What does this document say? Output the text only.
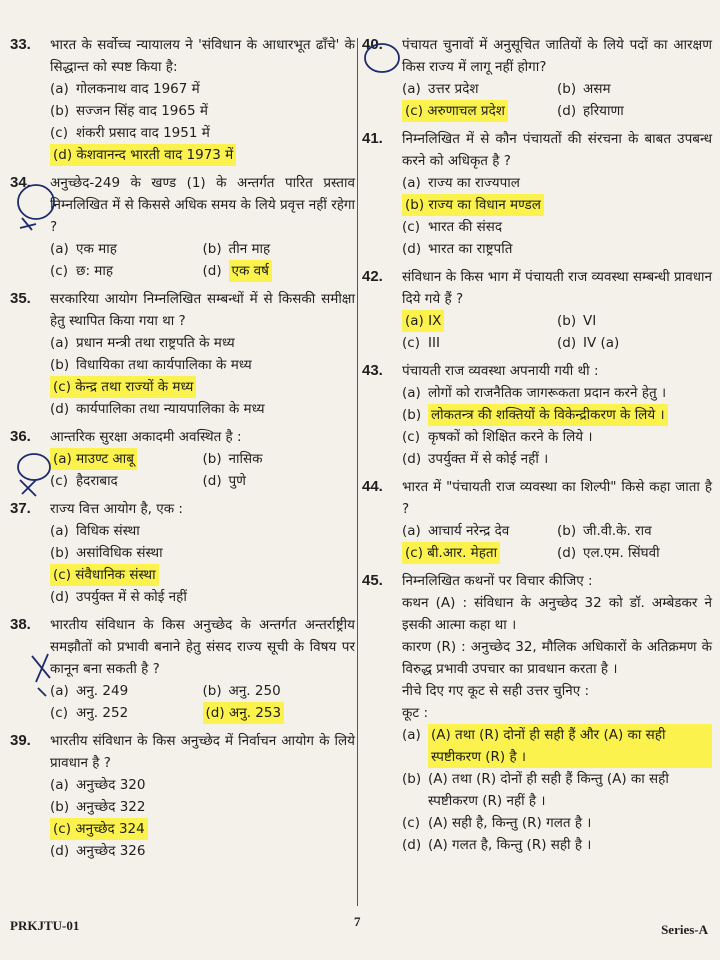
33.	भारत के सर्वोच्च न्यायालय ने 'संविधान के आधारभूत ढाँचे' के सिद्धान्त को स्पष्ट किया है:
(a) गोलकनाथ वाद 1967 में
(b) सज्जन सिंह वाद 1965 में
(c) शंकरी प्रसाद वाद 1951 में
(d) केशवानन्द भारती वाद 1973 में
34.	अनुच्छेद-249 के खण्ड (1) के अन्तर्गत पारित प्रस्ताव निम्नलिखित में से किससे अधिक समय के लिये प्रवृत्त नहीं रहेगा ?
(a) एक माह	(b) तीन माह
(c) छ: माह	(d) एक वर्ष
35.	सरकारिया आयोग निम्नलिखित सम्बन्धों में से किसकी समीक्षा हेतु स्थापित किया गया था ?
(a) प्रधान मन्त्री तथा राष्ट्रपति के मध्य
(b) विधायिका तथा कार्यपालिका के मध्य
(c) केन्द्र तथा राज्यों के मध्य
(d) कार्यपालिका तथा न्यायपालिका के मध्य
36.	आन्तरिक सुरक्षा अकादमी अवस्थित है :
(a) माउण्ट आबू	(b) नासिक
(c) हैदराबाद	(d) पुणे
37.	राज्य वित्त आयोग है, एक :
(a) विधिक संस्था
(b) असांविधिक संस्था
(c) संवैधानिक संस्था
(d) उपर्युक्त में से कोई नहीं
38.	भारतीय संविधान के किस अनुच्छेद के अन्तर्गत अन्तर्राष्ट्रीय समझौतों को प्रभावी बनाने हेतु संसद राज्य सूची के विषय पर कानून बना सकती है ?
(a) अनु. 249	(b) अनु. 250
(c) अनु. 252	(d) अनु. 253
39.	भारतीय संविधान के किस अनुच्छेद में निर्वाचन आयोग के लिये प्रावधान है ?
(a) अनुच्छेद 320
(b) अनुच्छेद 322
(c) अनुच्छेद 324
(d) अनुच्छेद 326
40.	पंचायत चुनावों में अनुसूचित जातियों के लिये पदों का आरक्षण किस राज्य में लागू नहीं होगा?
(a) उत्तर प्रदेश	(b) असम
(c) अरुणाचल प्रदेश	(d) हरियाणा
41.	निम्नलिखित में से कौन पंचायतों की संरचना के बाबत उपबन्ध करने को अधिकृत है ?
(a) राज्य का राज्यपाल
(b) राज्य का विधान मण्डल
(c) भारत की संसद
(d) भारत का राष्ट्रपति
42.	संविधान के किस भाग में पंचायती राज व्यवस्था सम्बन्धी प्रावधान दिये गये हैं ?
(a) IX	(b) VI
(c) III	(d) IV (a)
43.	पंचायती राज व्यवस्था अपनायी गयी थी :
(a) लोगों को राजनैतिक जागरूकता प्रदान करने हेतु ।
(b) लोकतन्त्र की शक्तियों के विकेन्द्रीकरण के लिये ।
(c) कृषकों को शिक्षित करने के लिये ।
(d) उपर्युक्त में से कोई नहीं ।
44.	भारत में "पंचायती राज व्यवस्था का शिल्पी" किसे कहा जाता है ?
(a) आचार्य नरेन्द्र देव	(b) जी.वी.के. राव
(c) बी.आर. मेहता	(d) एल.एम. सिंघवी
45.	निम्नलिखित कथनों पर विचार कीजिए :
कथन (A) : संविधान के अनुच्छेद 32 को डॉ. अम्बेडकर ने इसकी आत्मा कहा था ।
कारण (R) : अनुच्छेद 32, मौलिक अधिकारों के अतिक्रमण के विरुद्ध प्रभावी उपचार का प्रावधान करता है ।
नीचे दिए गए कूट से सही उत्तर चुनिए :
कूट :
(a) (A) तथा (R) दोनों ही सही हैं और (A) का सही स्पष्टीकरण (R) है ।
(b) (A) तथा (R) दोनों ही सही हैं किन्तु (A) का सही स्पष्टीकरण (R) नहीं है ।
(c) (A) सही है, किन्तु (R) गलत है ।
(d) (A) गलत है, किन्तु (R) सही है ।
PRKJTU-01	7
Series-A
